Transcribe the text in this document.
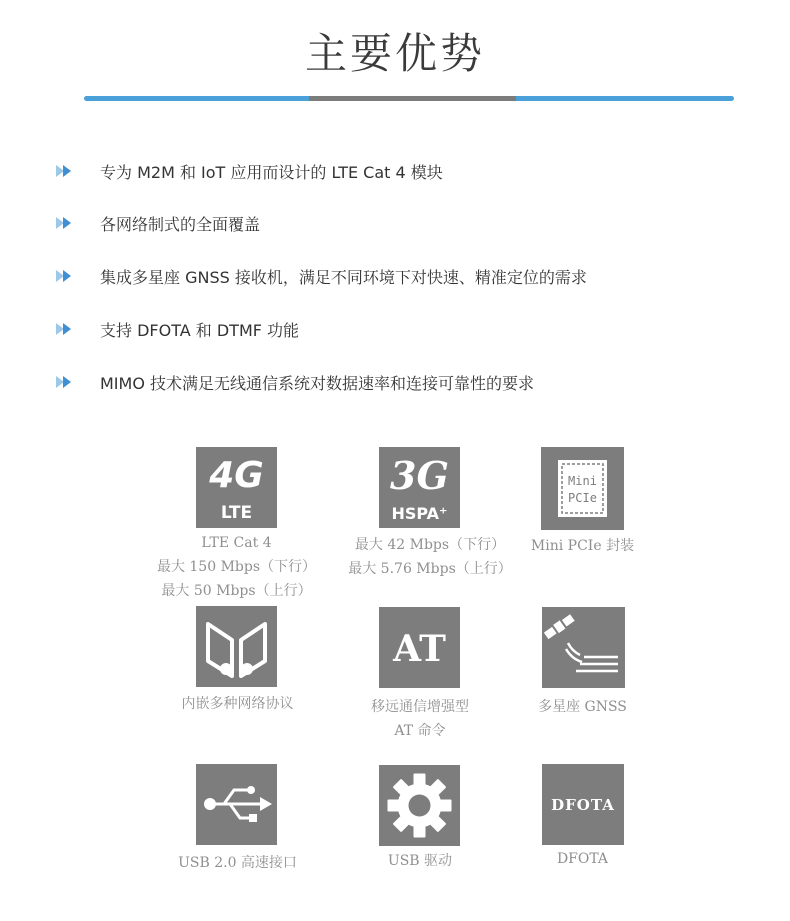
主要优势
专为 M2M 和 IoT 应用而设计的 LTE Cat 4 模块
各网络制式的全面覆盖
集成多星座 GNSS 接收机，满足不同环境下对快速、精准定位的需求
支持 DFOTA 和 DTMF 功能
MIMO 技术满足无线通信系统对数据速率和连接可靠性的要求
4G
LTE
LTE Cat 4
最大 150 Mbps（下行）
最大 50 Mbps（上行）
3G
HSPA⁺
最大 42 Mbps（下行）
最大 5.76 Mbps（上行）
Mini
PCIe
Mini PCIe 封装
内嵌多种网络协议
AT
移远通信增强型
AT 命令
多星座 GNSS
USB 2.0 高速接口	USB 驱动
DFOTA
DFOTA
